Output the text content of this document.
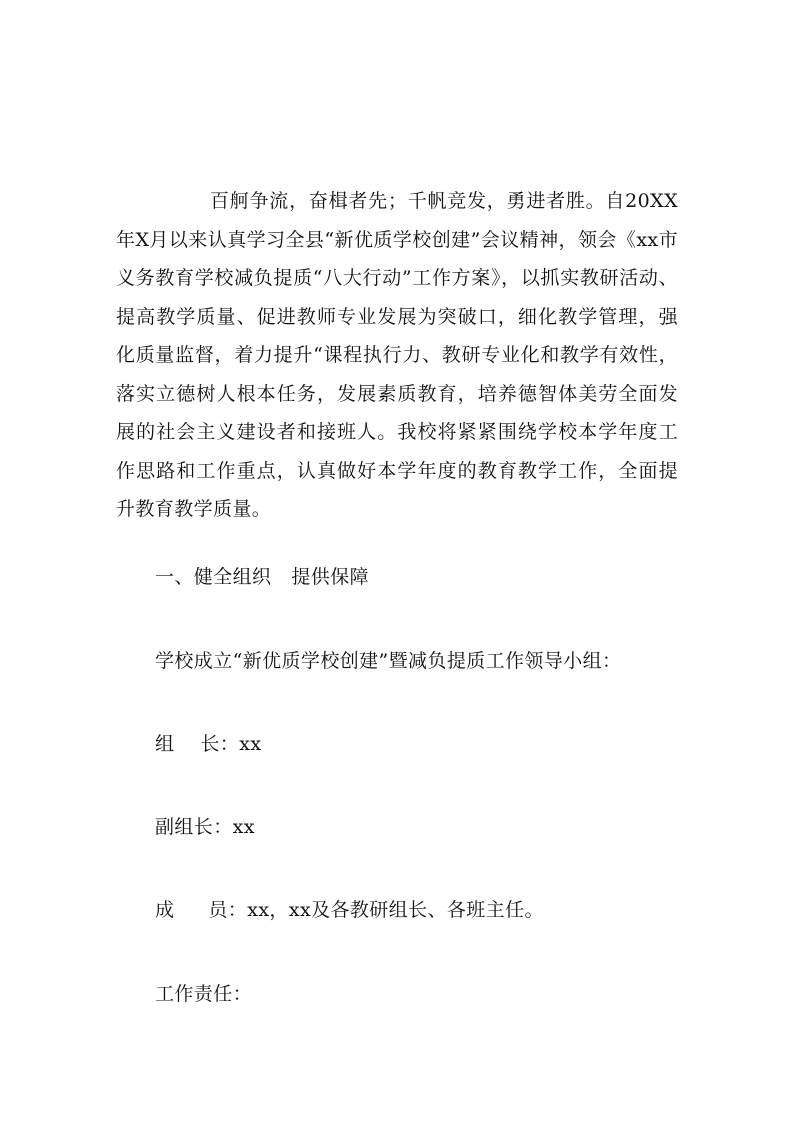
百舸争流，奋楫者先；千帆竞发，勇进者胜。自20XX年X月以来认真学习全县“新优质学校创建”会议精神，领会《xx市义务教育学校减负提质“八大行动”工作方案》，以抓实教研活动、提高教学质量、促进教师专业发展为突破口，细化教学管理，强化质量监督，着力提升“课程执行力、教研专业化和教学有效性，落实立德树人根本任务，发展素质教育，培养德智体美劳全面发展的社会主义建设者和接班人。我校将紧紧围绕学校本学年度工作思路和工作重点，认真做好本学年度的教育教学工作，全面提升教育教学质量。

一、健全组织 提供保障

学校成立“新优质学校创建”暨减负提质工作领导小组：

组 长：xx

副组长：xx

成 员：xx，xx及各教研组长、各班主任。

工作责任：
